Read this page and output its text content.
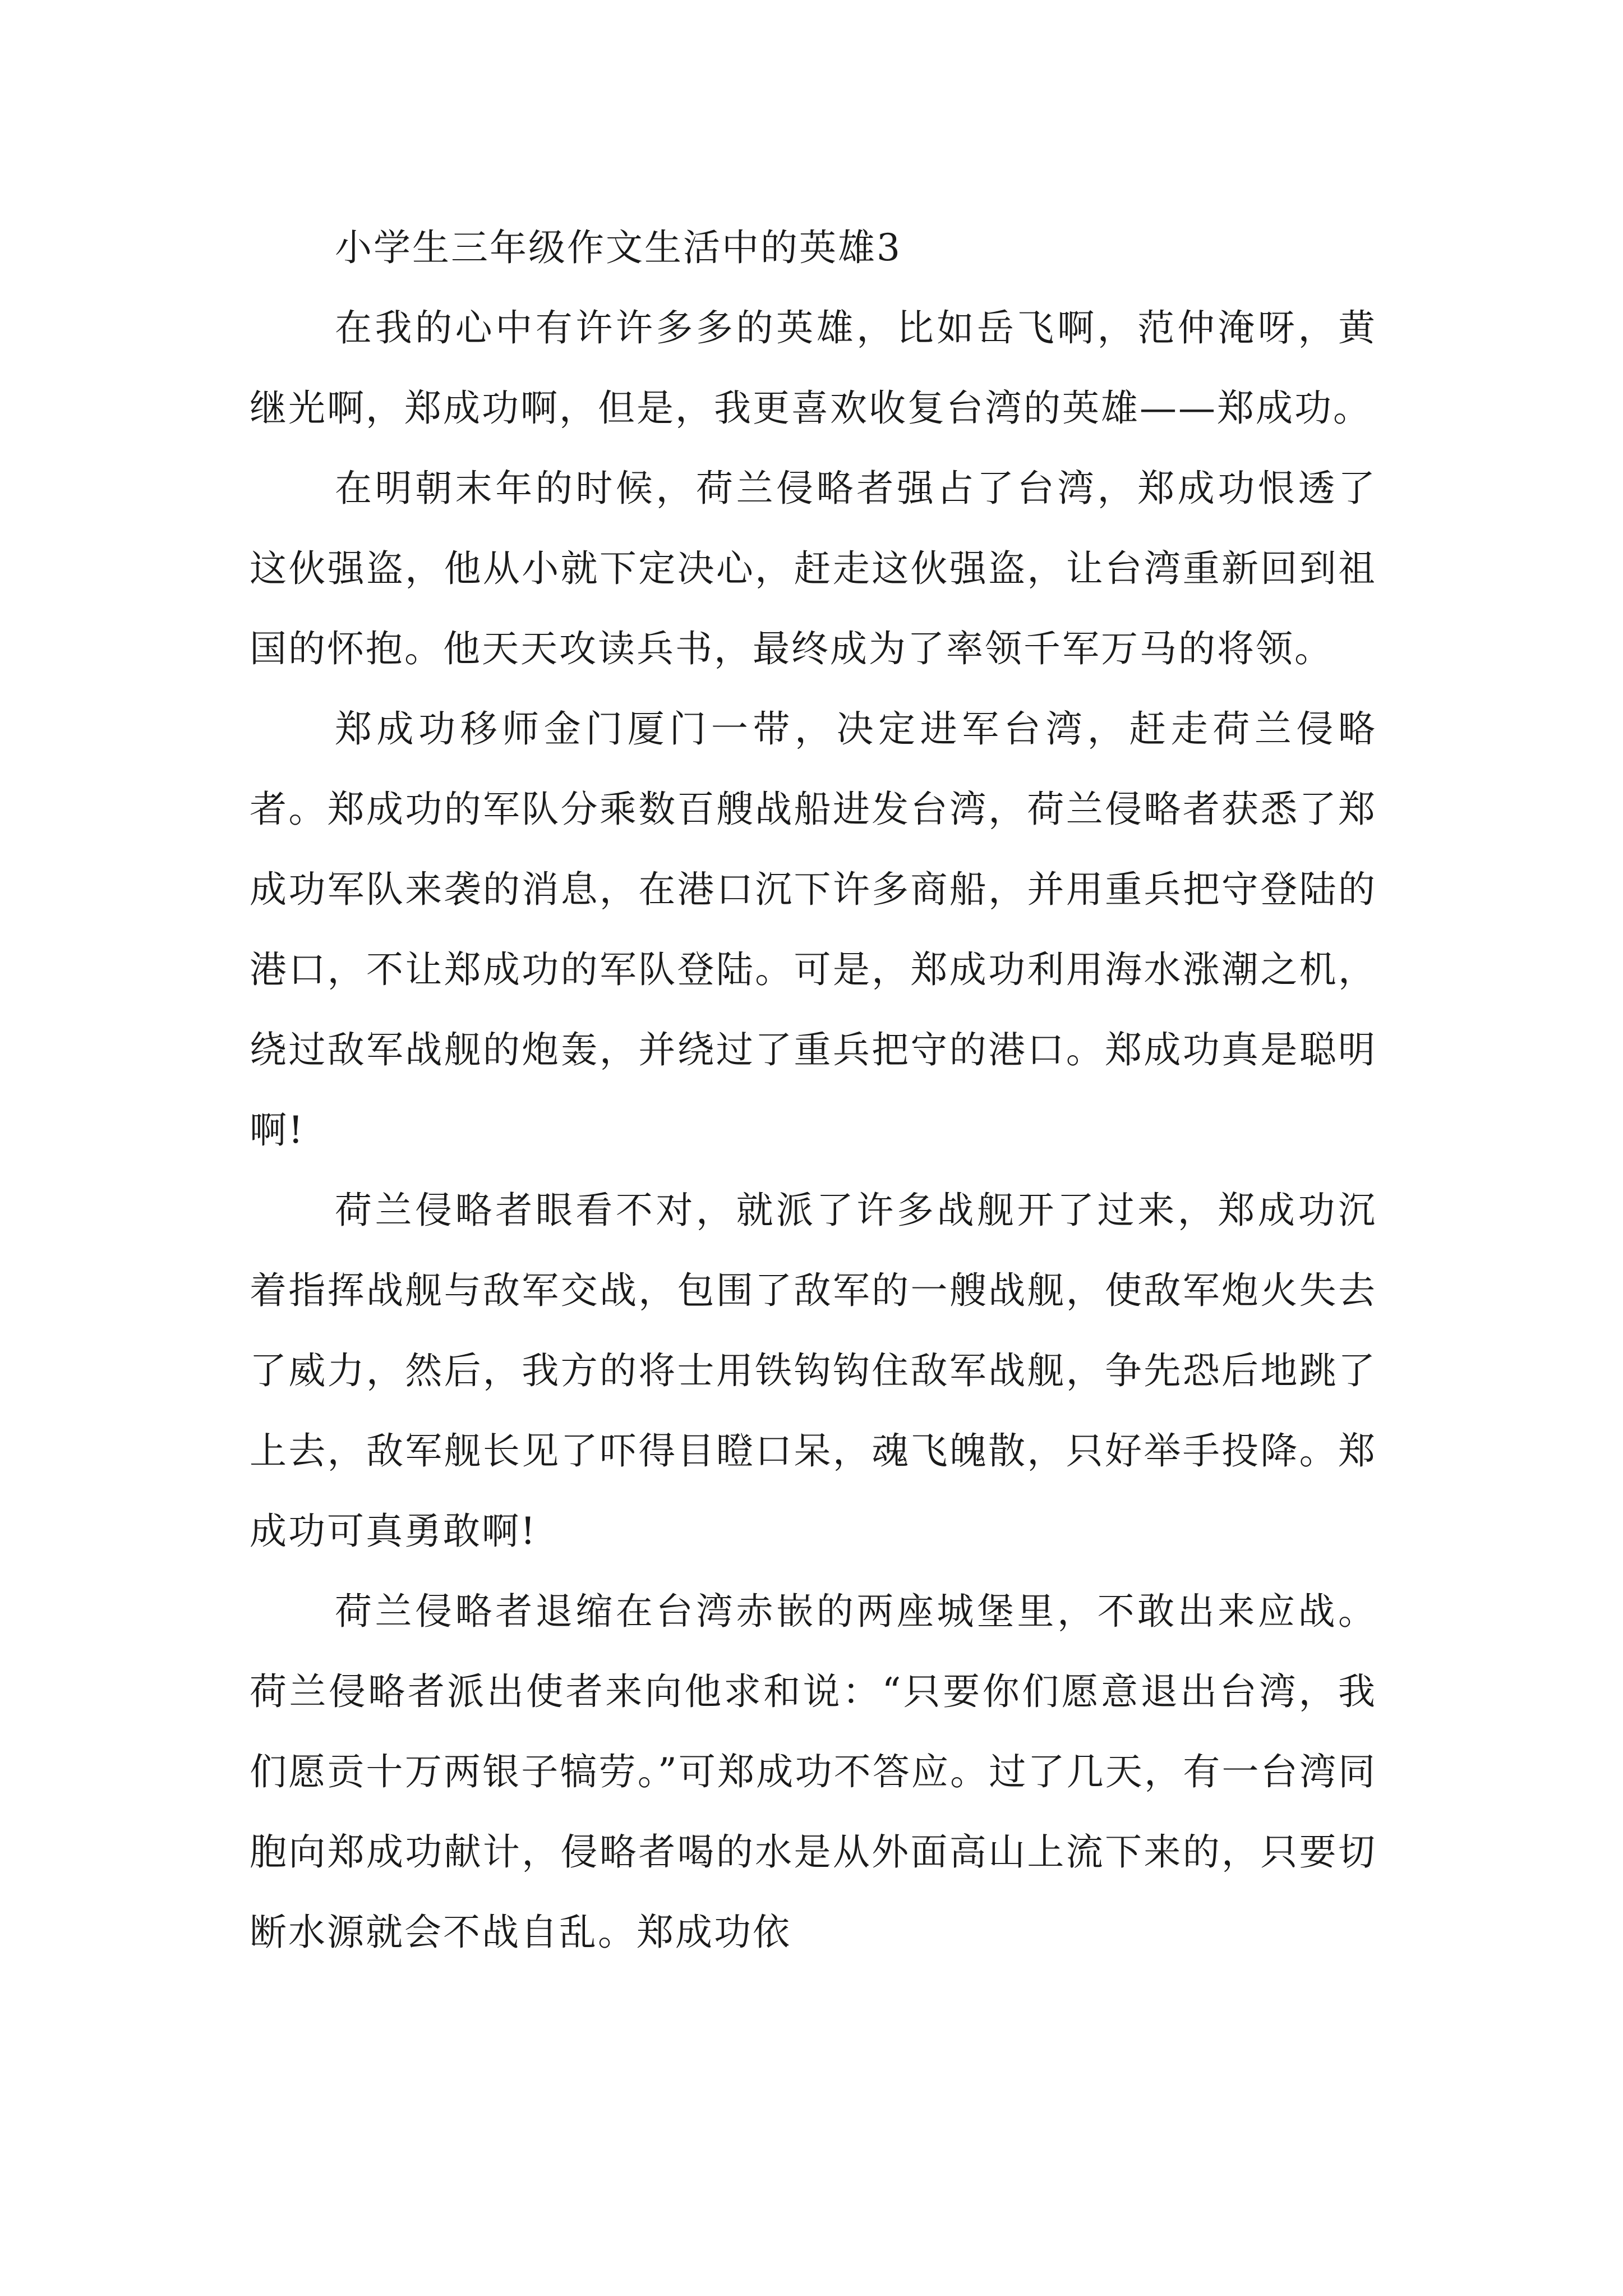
小学生三年级作文生活中的英雄3

在我的心中有许许多多的英雄，比如岳飞啊，范仲淹呀，黄继光啊，郑成功啊，但是，我更喜欢收复台湾的英雄——郑成功。

在明朝末年的时候，荷兰侵略者强占了台湾，郑成功恨透了这伙强盗，他从小就下定决心，赶走这伙强盗，让台湾重新回到祖国的怀抱。他天天攻读兵书，最终成为了率领千军万马的将领。

郑成功移师金门厦门一带，决定进军台湾，赶走荷兰侵略者。郑成功的军队分乘数百艘战船进发台湾，荷兰侵略者获悉了郑成功军队来袭的消息，在港口沉下许多商船，并用重兵把守登陆的港口，不让郑成功的军队登陆。可是，郑成功利用海水涨潮之机，绕过敌军战舰的炮轰，并绕过了重兵把守的港口。郑成功真是聪明啊!

荷兰侵略者眼看不对，就派了许多战舰开了过来，郑成功沉着指挥战舰与敌军交战，包围了敌军的一艘战舰，使敌军炮火失去了威力，然后，我方的将士用铁钩钩住敌军战舰，争先恐后地跳了上去，敌军舰长见了吓得目瞪口呆，魂飞魄散，只好举手投降。郑成功可真勇敢啊!

荷兰侵略者退缩在台湾赤嵌的两座城堡里，不敢出来应战。荷兰侵略者派出使者来向他求和说：“只要你们愿意退出台湾，我们愿贡十万两银子犒劳。”可郑成功不答应。过了几天，有一台湾同胞向郑成功献计，侵略者喝的水是从外面高山上流下来的，只要切断水源就会不战自乱。郑成功依
